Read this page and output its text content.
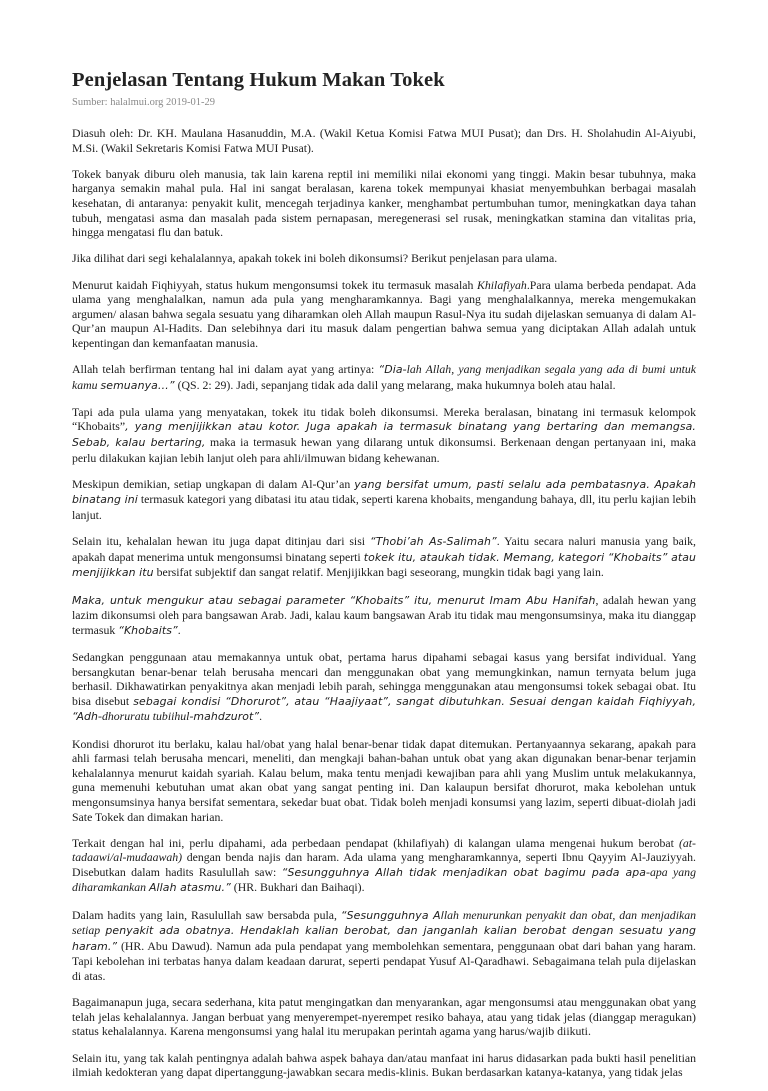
Penjelasan Tentang Hukum Makan Tokek
Sumber: halalmui.org 2019-01-29

Diasuh oleh: Dr. KH. Maulana Hasanuddin, M.A. (Wakil Ketua Komisi Fatwa MUI Pusat); dan Drs. H. Sholahudin Al-Aiyubi, M.Si. (Wakil Sekretaris Komisi Fatwa MUI Pusat).

Tokek banyak diburu oleh manusia, tak lain karena reptil ini memiliki nilai ekonomi yang tinggi. Makin besar tubuhnya, maka harganya semakin mahal pula. Hal ini sangat beralasan, karena tokek mempunyai khasiat menyembuhkan berbagai masalah kesehatan, di antaranya: penyakit kulit, mencegah terjadinya kanker, menghambat pertumbuhan tumor, meningkatkan daya tahan tubuh, mengatasi asma dan masalah pada sistem pernapasan, meregenerasi sel rusak, meningkatkan stamina dan vitalitas pria, hingga mengatasi flu dan batuk.

Jika dilihat dari segi kehalalannya, apakah tokek ini boleh dikonsumsi? Berikut penjelasan para ulama.

Menurut kaidah Fiqhiyyah, status hukum mengonsumsi tokek itu termasuk masalah Khilafiyah.Para ulama berbeda pendapat. Ada ulama yang menghalalkan, namun ada pula yang mengharamkannya. Bagi yang menghalalkannya, mereka mengemukakan argumen/ alasan bahwa segala sesuatu yang diharamkan oleh Allah maupun Rasul-Nya itu sudah dijelaskan semuanya di dalam Al-Qur’an maupun Al-Hadits. Dan selebihnya dari itu masuk dalam pengertian bahwa semua yang diciptakan Allah adalah untuk kepentingan dan kemanfaatan manusia.

Allah telah berfirman tentang hal ini dalam ayat yang artinya: “Dia-lah Allah, yang menjadikan segala yang ada di bumi untuk kamu semuanya…” (QS. 2: 29). Jadi, sepanjang tidak ada dalil yang melarang, maka hukumnya boleh atau halal.

Tapi ada pula ulama yang menyatakan, tokek itu tidak boleh dikonsumsi. Mereka beralasan, binatang ini termasuk kelompok “Khobaits”, yang menjijikkan atau kotor. Juga apakah ia termasuk binatang yang bertaring dan memangsa. Sebab, kalau bertaring, maka ia termasuk hewan yang dilarang untuk dikonsumsi. Berkenaan dengan pertanyaan ini, maka perlu dilakukan kajian lebih lanjut oleh para ahli/ilmuwan bidang kehewanan.

Meskipun demikian, setiap ungkapan di dalam Al-Qur’an yang bersifat umum, pasti selalu ada pembatasnya. Apakah binatang ini termasuk kategori yang dibatasi itu atau tidak, seperti karena khobaits, mengandung bahaya, dll, itu perlu kajian lebih lanjut.

Selain itu, kehalalan hewan itu juga dapat ditinjau dari sisi “Thobi’ah As-Salimah”. Yaitu secara naluri manusia yang baik, apakah dapat menerima untuk mengonsumsi binatang seperti tokek itu, ataukah tidak. Memang, kategori “Khobaits” atau menjijikkan itu bersifat subjektif dan sangat relatif. Menjijikkan bagi seseorang, mungkin tidak bagi yang lain.

Maka, untuk mengukur atau sebagai parameter “Khobaits” itu, menurut Imam Abu Hanifah, adalah hewan yang lazim dikonsumsi oleh para bangsawan Arab. Jadi, kalau kaum bangsawan Arab itu tidak mau mengonsumsinya, maka itu dianggap termasuk “Khobaits”.

Sedangkan penggunaan atau memakannya untuk obat, pertama harus dipahami sebagai kasus yang bersifat individual. Yang bersangkutan benar-benar telah berusaha mencari dan menggunakan obat yang memungkinkan, namun ternyata belum juga berhasil. Dikhawatirkan penyakitnya akan menjadi lebih parah, sehingga menggunakan atau mengonsumsi tokek sebagai obat. Itu bisa disebut sebagai kondisi “Dhorurot”, atau “Haajiyaat”, sangat dibutuhkan. Sesuai dengan kaidah Fiqhiyyah, “Adh-dhoruratu tubiihul-mahdzurot”.

Kondisi dhorurot itu berlaku, kalau hal/obat yang halal benar-benar tidak dapat ditemukan. Pertanyaannya sekarang, apakah para ahli farmasi telah berusaha mencari, meneliti, dan mengkaji bahan-bahan untuk obat yang akan digunakan benar-benar terjamin kehalalannya menurut kaidah syariah. Kalau belum, maka tentu menjadi kewajiban para ahli yang Muslim untuk melakukannya, guna memenuhi kebutuhan umat akan obat yang sangat penting ini. Dan kalaupun bersifat dhorurot, maka kebolehan untuk mengonsumsinya hanya bersifat sementara, sekedar buat obat. Tidak boleh menjadi konsumsi yang lazim, seperti dibuat-diolah jadi Sate Tokek dan dimakan harian.

Terkait dengan hal ini, perlu dipahami, ada perbedaan pendapat (khilafiyah) di kalangan ulama mengenai hukum berobat (at-tadaawi/al-mudaawah) dengan benda najis dan haram. Ada ulama yang mengharamkannya, seperti Ibnu Qayyim Al-Jauziyyah. Disebutkan dalam hadits Rasulullah saw: “Sesungguhnya Allah tidak menjadikan obat bagimu pada apa-apa yang diharamkankan Allah atasmu.” (HR. Bukhari dan Baihaqi).

Dalam hadits yang lain, Rasulullah saw bersabda pula, “Sesungguhnya Allah menurunkan penyakit dan obat, dan menjadikan setiap penyakit ada obatnya. Hendaklah kalian berobat, dan janganlah kalian berobat dengan sesuatu yang haram.” (HR. Abu Dawud). Namun ada pula pendapat yang membolehkan sementara, penggunaan obat dari bahan yang haram. Tapi kebolehan ini terbatas hanya dalam keadaan darurat, seperti pendapat Yusuf Al-Qaradhawi. Sebagaimana telah pula dijelaskan di atas.

Bagaimanapun juga, secara sederhana, kita patut mengingatkan dan menyarankan, agar mengonsumsi atau menggunakan obat yang telah jelas kehalalannya. Jangan berbuat yang menyerempet-nyerempet resiko bahaya, atau yang tidak jelas (dianggap meragukan) status kehalalannya. Karena mengonsumsi yang halal itu merupakan perintah agama yang harus/wajib diikuti.

Selain itu, yang tak kalah pentingnya adalah bahwa aspek bahaya dan/atau manfaat ini harus didasarkan pada bukti hasil penelitian ilmiah kedokteran yang dapat dipertanggung-jawabkan secara medis-klinis. Bukan berdasarkan katanya-katanya, yang tidak jelas
